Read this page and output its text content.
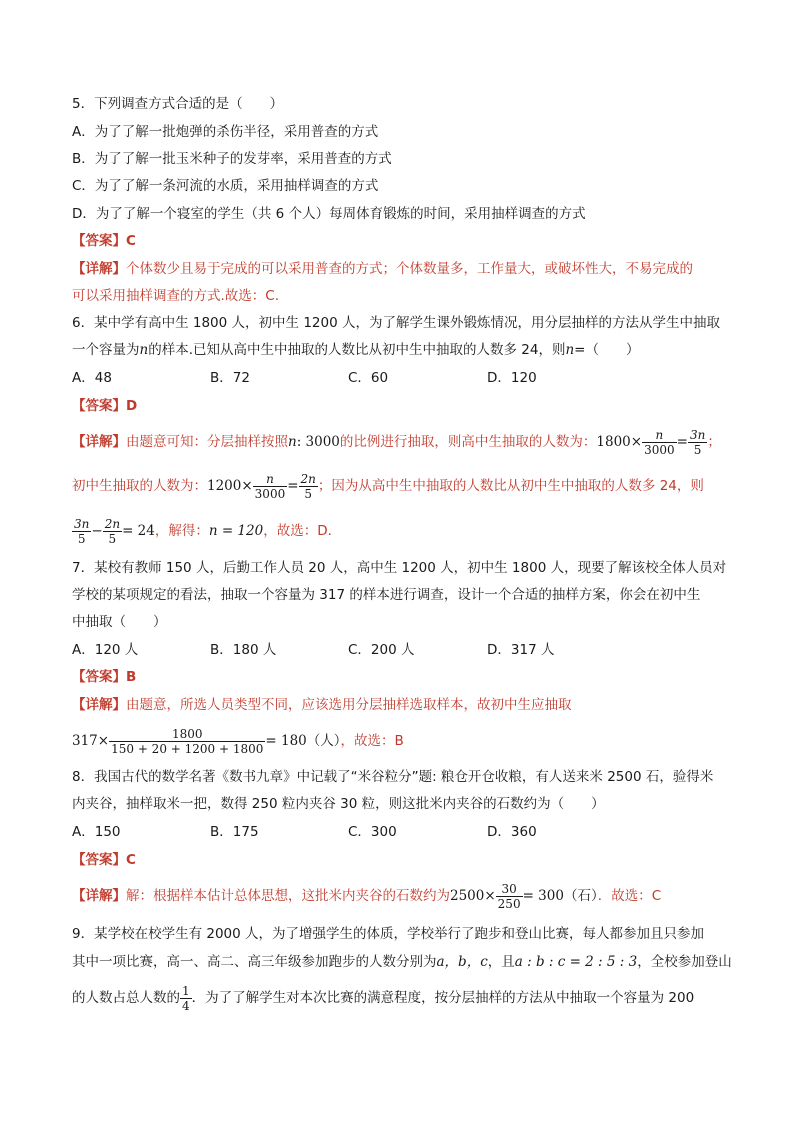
5．下列调查方式合适的是（　　）
A．为了了解一批炮弹的杀伤半径，采用普查的方式
B．为了了解一批玉米种子的发芽率，采用普查的方式
C．为了了解一条河流的水质，采用抽样调查的方式
D．为了了解一个寝室的学生（共 6 个人）每周体育锻炼的时间，采用抽样调查的方式
【答案】C
【详解】个体数少且易于完成的可以采用普查的方式；个体数量多，工作量大，或破坏性大，不易完成的
可以采用抽样调查的方式.故选：C.
6．某中学有高中生 1800 人，初中生 1200 人，为了解学生课外锻炼情况，用分层抽样的方法从学生中抽取
一个容量为n的样本.已知从高中生中抽取的人数比从初中生中抽取的人数多 24，则n=（　　）
A．48	B．72	C．60	D．120
【答案】D
【详解】由题意可知：分层抽样按照n: 3000的比例进行抽取，则高中生抽取的人数为：$1800\times \frac{n}{3000} = \frac{3n}{5}$ ；
初中生抽取的人数为：$1200\times \frac{n}{3000} = \frac{2n}{5}$ ；因为从高中生中抽取的人数比从初中生中抽取的人数多 24，则
$\frac{3n}{5} - \frac{2n}{5} = 24$，解得：n = 120，故选：D．
7．某校有教师 150 人，后勤工作人员 20 人，高中生 1200 人，初中生 1800 人，现要了解该校全体人员对
学校的某项规定的看法，抽取一个容量为 317 的样本进行调查，设计一个合适的抽样方案，你会在初中生
中抽取（　　）
A．120 人	B．180 人	C．200 人	D．317 人
【答案】B
【详解】由题意，所选人员类型不同，应该选用分层抽样选取样本，故初中生应抽取
$317\times \frac{1800}{150 + 20 + 1200 + 1800} = 180$（人），故选：B
8．我国古代的数学名著《数书九章》中记载了“米谷粒分”题: 粮仓开仓收粮，有人送来米 2500 石，验得米
内夹谷，抽样取米一把，数得 250 粒内夹谷 30 粒，则这批米内夹谷的石数约为（　　）
A．150	B．175	C．300	D．360
【答案】C
【详解】解：根据样本估计总体思想，这批米内夹谷的石数约为$2500\times \frac{30}{250} = 300$（石）．故选：C
9．某学校在校学生有 2000 人，为了增强学生的体质，学校举行了跑步和登山比赛，每人都参加且只参加
其中一项比赛，高一、高二、高三年级参加跑步的人数分别为a，b，c，且a : b : c = 2 : 5 : 3，全校参加登山
的人数占总人数的 $\frac{1}{4}$ ．为了了解学生对本次比赛的满意程度，按分层抽样的方法从中抽取一个容量为 200
